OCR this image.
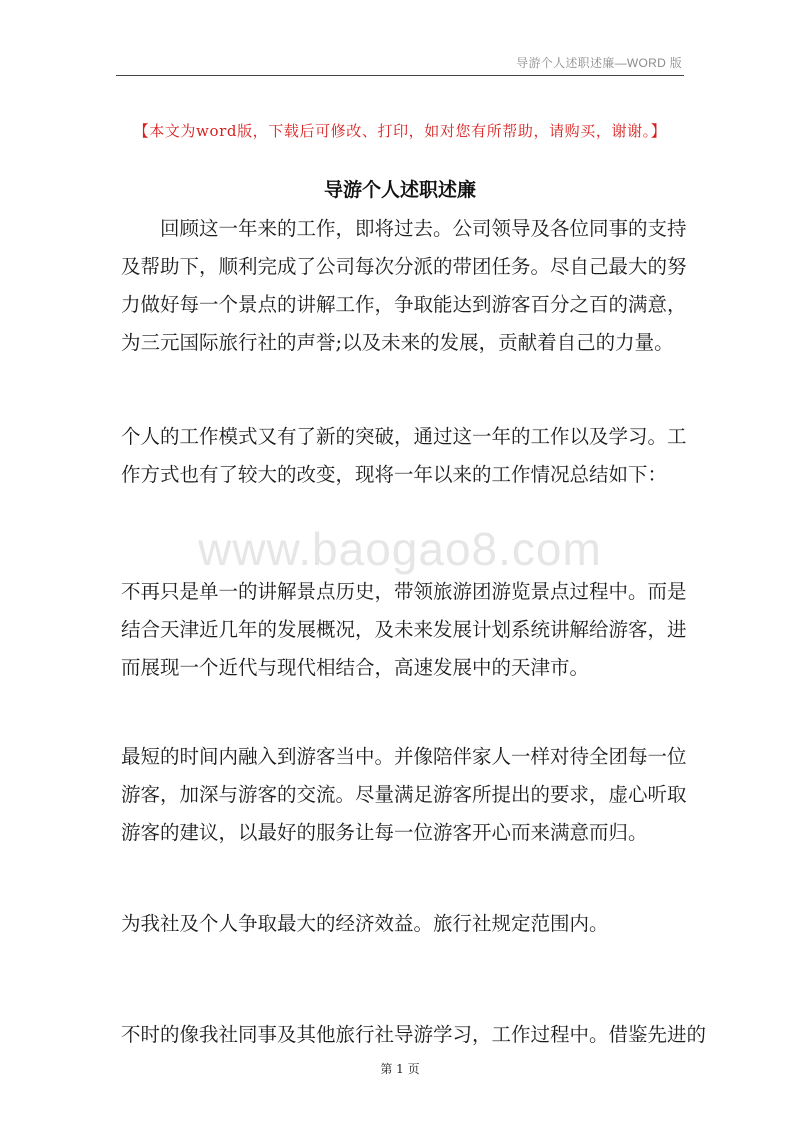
导游个人述职述廉—WORD 版
【本文为word版，下载后可修改、打印，如对您有所帮助，请购买，谢谢。】
导游个人述职述廉

回顾这一年来的工作，即将过去。公司领导及各位同事的支持及帮助下，顺利完成了公司每次分派的带团任务。尽自己最大的努力做好每一个景点的讲解工作，争取能达到游客百分之百的满意，为三元国际旅行社的声誉;以及未来的发展，贡献着自己的力量。

个人的工作模式又有了新的突破，通过这一年的工作以及学习。工作方式也有了较大的改变，现将一年以来的工作情况总结如下：

www.baogao8.com

不再只是单一的讲解景点历史，带领旅游团游览景点过程中。而是结合天津近几年的发展概况，及未来发展计划系统讲解给游客，进而展现一个近代与现代相结合，高速发展中的天津市。

最短的时间内融入到游客当中。并像陪伴家人一样对待全团每一位游客，加深与游客的交流。尽量满足游客所提出的要求，虚心听取游客的建议，以最好的服务让每一位游客开心而来满意而归。

为我社及个人争取最大的经济效益。旅行社规定范围内。

不时的像我社同事及其他旅行社导游学习，工作过程中。借鉴先进的

第 1 页
